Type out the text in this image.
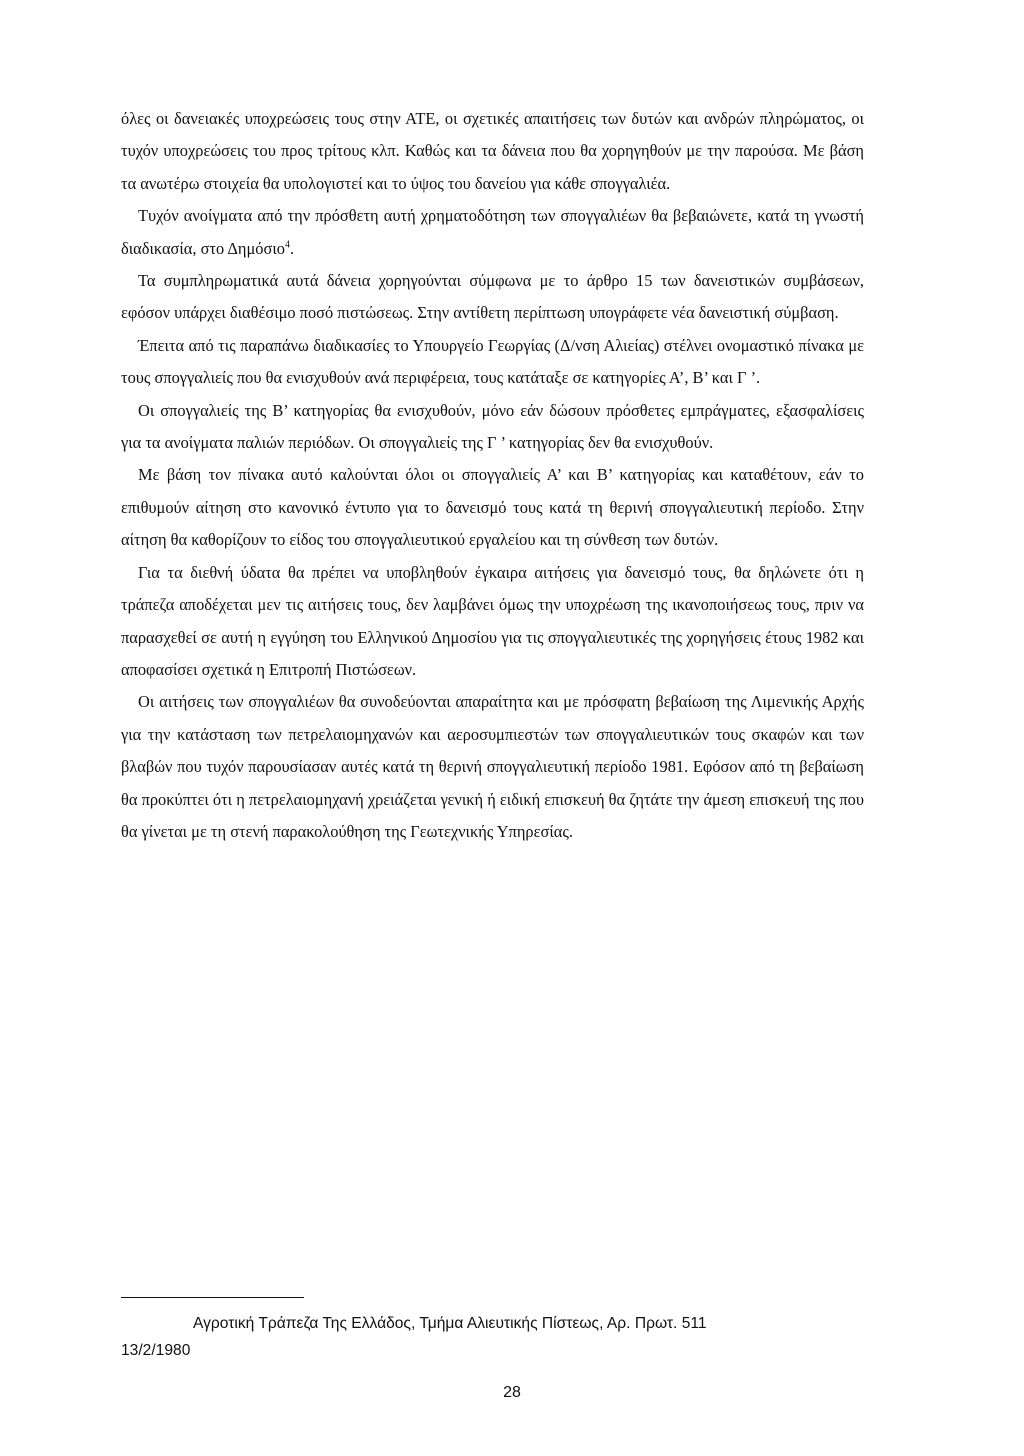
όλες οι δανειακές υποχρεώσεις τους στην ΑΤΕ, οι σχετικές απαιτήσεις των δυτών και ανδρών πληρώματος, οι τυχόν υποχρεώσεις του προς τρίτους κλπ. Καθώς και τα δάνεια που θα χορηγηθούν με την παρούσα. Με βάση τα ανωτέρω στοιχεία θα υπολογιστεί και το ύψος του δανείου για κάθε σπογγαλιέα.

Τυχόν ανοίγματα από την πρόσθετη αυτή χρηματοδότηση των σπογγαλιέων θα βεβαιώνετε, κατά τη γνωστή διαδικασία, στο Δημόσιο$^4$.

Τα συμπληρωματικά αυτά δάνεια χορηγούνται σύμφωνα με το άρθρο 15 των δανειστικών συμβάσεων, εφόσον υπάρχει διαθέσιμο ποσό πιστώσεως. Στην αντίθετη περίπτωση υπογράφετε νέα δανειστική σύμβαση.

Έπειτα από τις παραπάνω διαδικασίες το Υπουργείο Γεωργίας (Δ/νση Αλιείας) στέλνει ονομαστικό πίνακα με τους σπογγαλιείς που θα ενισχυθούν ανά περιφέρεια, τους κατάταξε σε κατηγορίες Α’, Β’ και Γ ’.

Οι σπογγαλιείς της Β’ κατηγορίας θα ενισχυθούν, μόνο εάν δώσουν πρόσθετες εμπράγματες, εξασφαλίσεις για τα ανοίγματα παλιών περιόδων. Οι σπογγαλιείς της Γ ’ κατηγορίας δεν θα ενισχυθούν.

Με βάση τον πίνακα αυτό καλούνται όλοι οι σπογγαλιείς Α’ και Β’ κατηγορίας και καταθέτουν, εάν το επιθυμούν αίτηση στο κανονικό έντυπο για το δανεισμό τους κατά τη θερινή σπογγαλιευτική περίοδο. Στην αίτηση θα καθορίζουν το είδος του σπογγαλιευτικού εργαλείου και τη σύνθεση των δυτών.

Για τα διεθνή ύδατα θα πρέπει να υποβληθούν έγκαιρα αιτήσεις για δανεισμό τους, θα δηλώνετε ότι η τράπεζα αποδέχεται μεν τις αιτήσεις τους, δεν λαμβάνει όμως την υποχρέωση της ικανοποιήσεως τους, πριν να παρασχεθεί σε αυτή η εγγύηση του Ελληνικού Δημοσίου για τις σπογγαλιευτικές της χορηγήσεις έτους 1982 και αποφασίσει σχετικά η Επιτροπή Πιστώσεων.

Οι αιτήσεις των σπογγαλιέων θα συνοδεύονται απαραίτητα και με πρόσφατη βεβαίωση της Λιμενικής Αρχής για την κατάσταση των πετρελαιομηχανών και αεροσυμπιεστών των σπογγαλιευτικών τους σκαφών και των βλαβών που τυχόν παρουσίασαν αυτές κατά τη θερινή σπογγαλιευτική περίοδο 1981. Εφόσον από τη βεβαίωση θα προκύπτει ότι η πετρελαιομηχανή χρειάζεται γενική ή ειδική επισκευή θα ζητάτε την άμεση επισκευή της που θα γίνεται με τη στενή παρακολούθηση της Γεωτεχνικής Υπηρεσίας.

Αγροτική Τράπεζα Της Ελλάδος, Τμήμα Αλιευτικής Πίστεως, Αρ. Πρωτ. 511
13/2/1980
28
